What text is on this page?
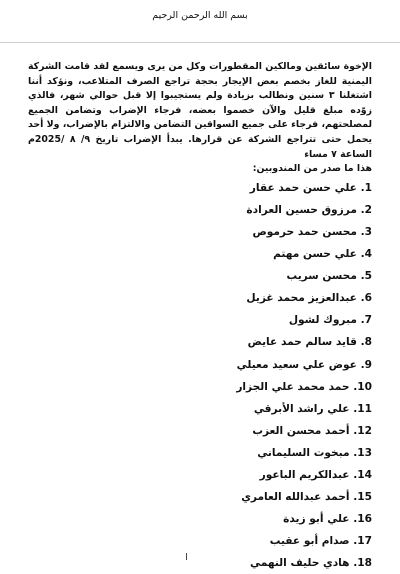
بسم الله الرحمن الرحيم

الإخوة سائقين ومالكين المقطورات وكل من يرى ويسمع لقد قامت الشركة اليمنية للغاز بخصم بعض الإيجار بحجة تراجع الصرف المتلاعب، ونؤكد أننا اشتغلنا ٣ سنين ونطالب بزيادة ولم يستجيبوا إلا قبل حوالي شهر، فالذي زوّده مبلغ قليل والآن خصموا بعضه، فرجاء الإضراب وتضامن الجميع لمصلحتهم، فرجاء على جميع السواقين التضامن والالتزام بالإضراب، ولا أحد يحمل حتى تتراجع الشركة عن قرارها. يبدأ الإضراب تاريخ ٩/ ٨ /2025م الساعة ٧ مساء

هذا ما صدر من المندوبين:

1. علي حسن حمد عقار
2. مرزوق حسين العرادة
3. محسن حمد حرموص
4. علي حسن مهتم
5. محسن سريب
6. عبدالعزيز محمد غزيل
7. مبروك لشول
8. قايد سالم حمد عايض
9. عوض علي سعيد معيلي
10. حمد محمد علي الجزار
11. علي راشد الأبرقي
12. أحمد محسن العزب
13. مبخوت السليماني
14. عبدالكريم الباعور
15. أحمد عبدالله العامري
16. علي أبو زيدة
17. صدام أبو عقيب
18. هادي حليف النهمي
